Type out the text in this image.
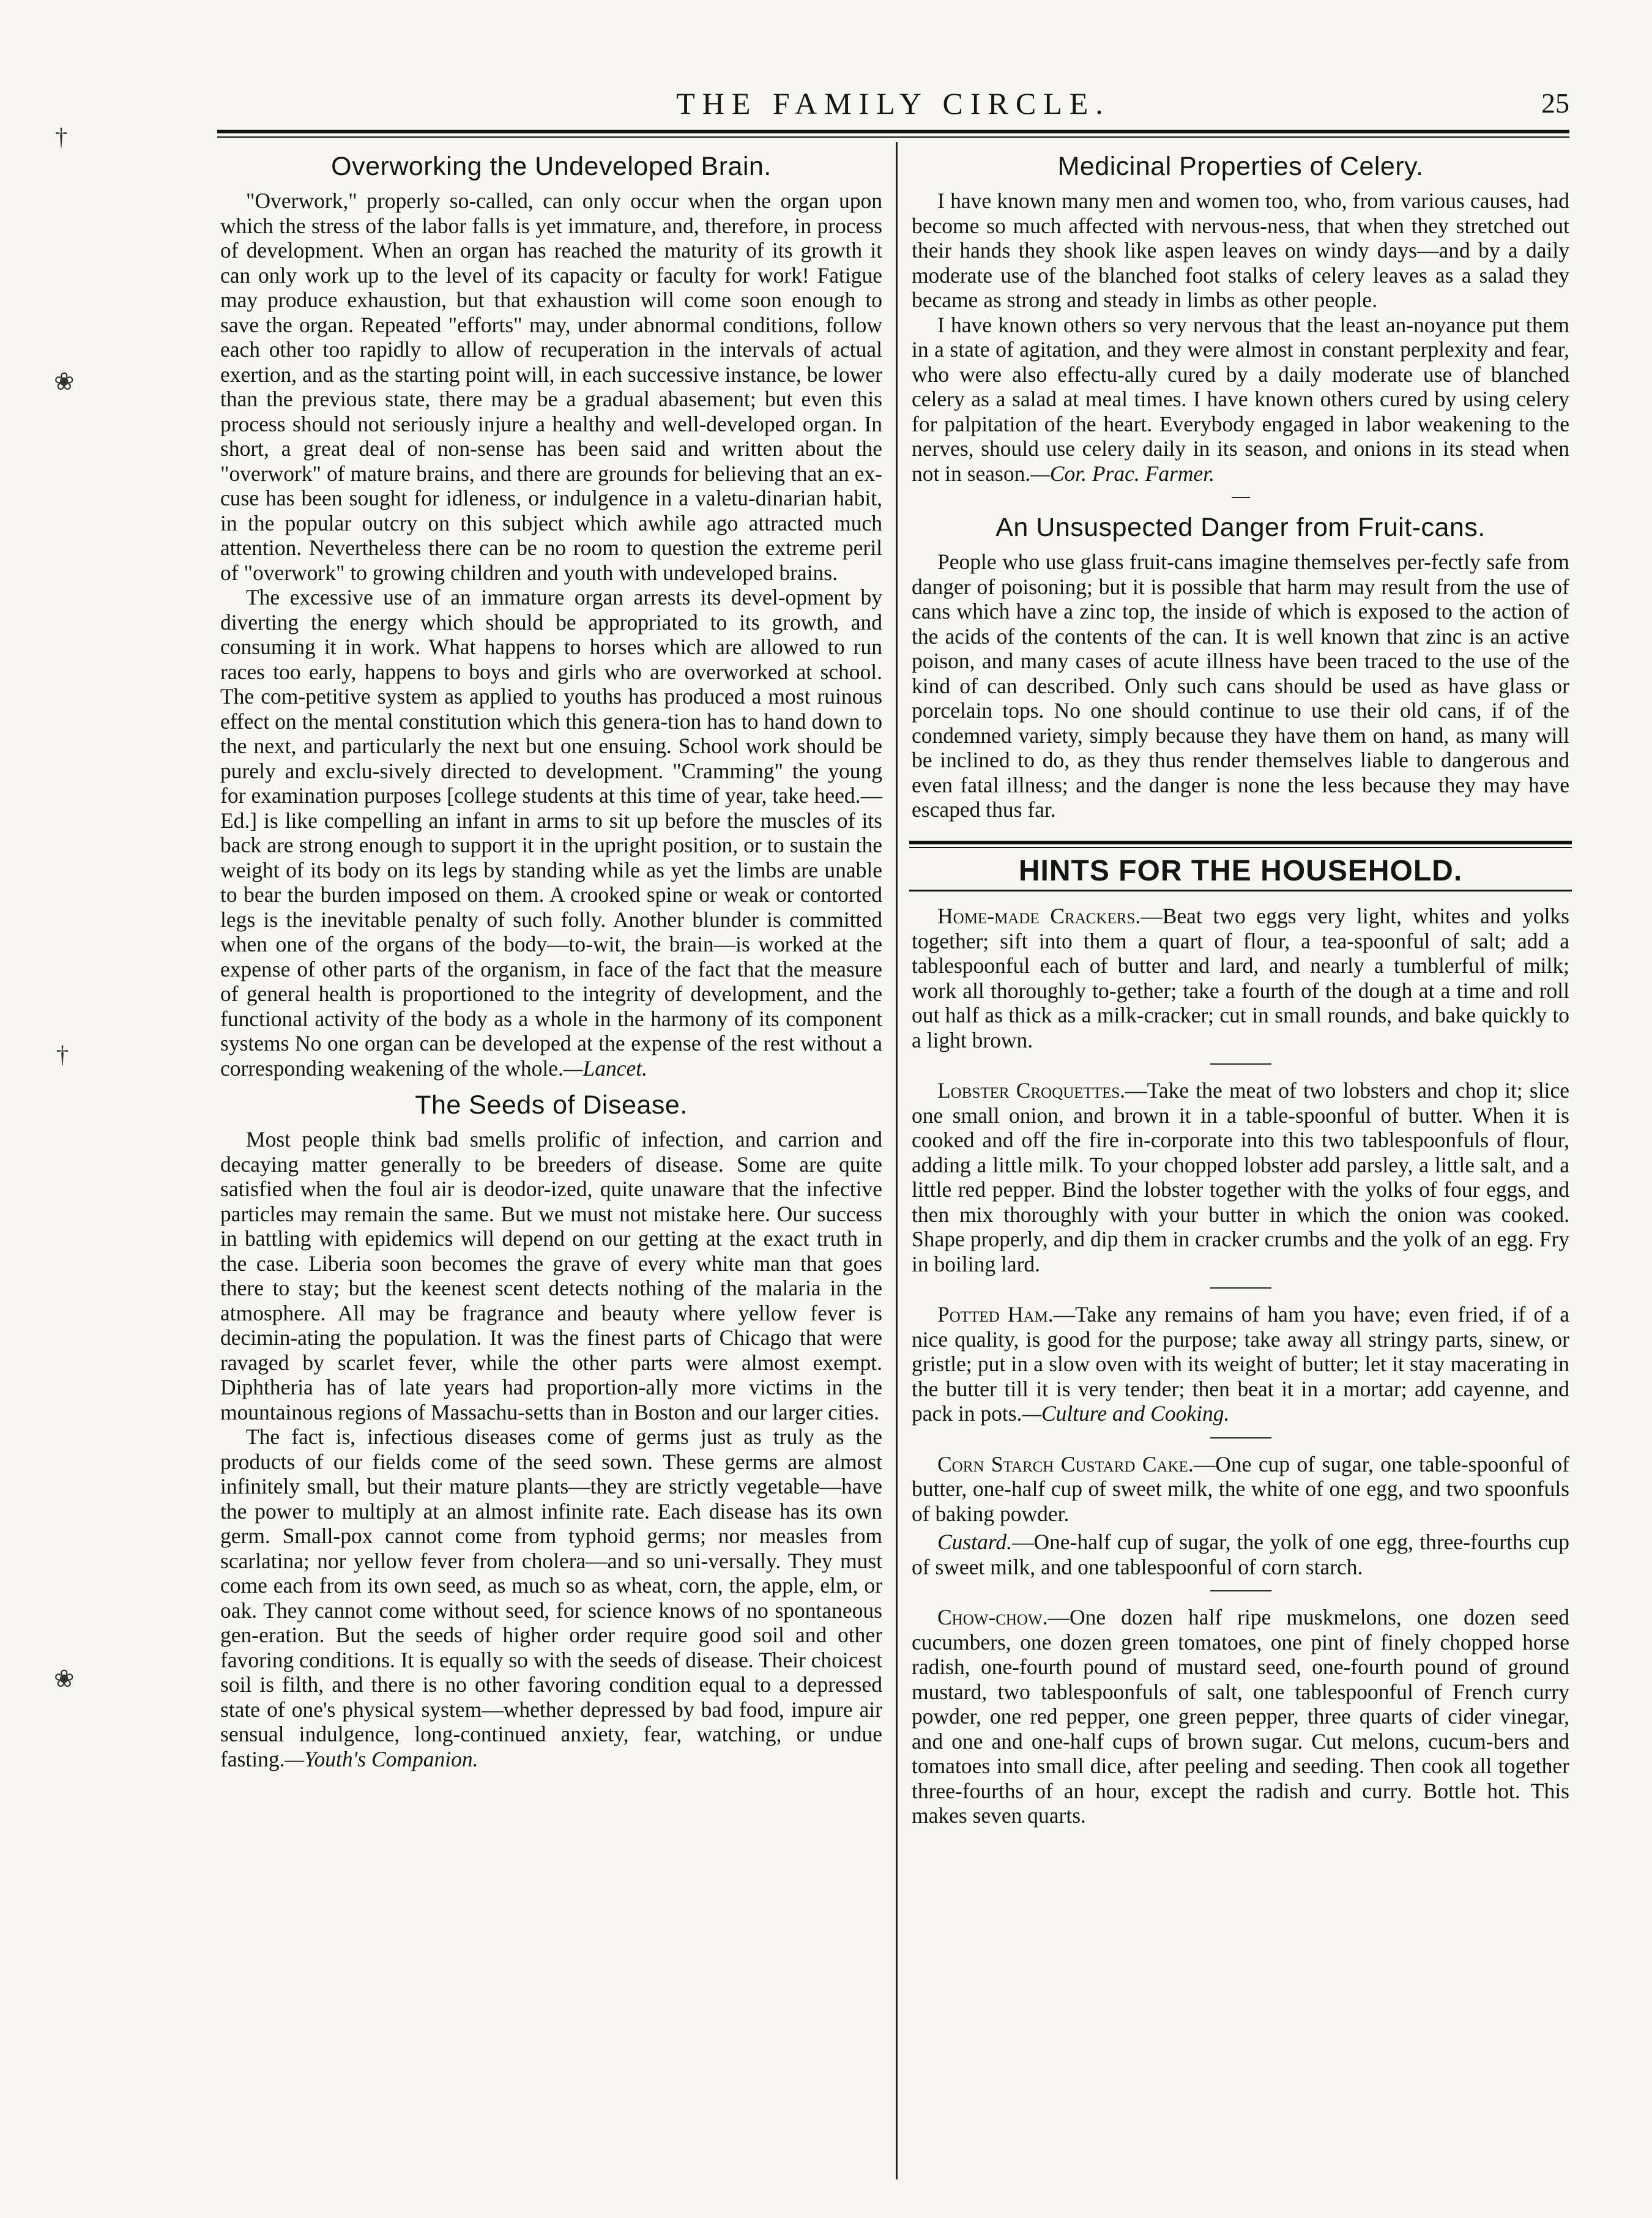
THE FAMILY CIRCLE.	25
Overworking the Undeveloped Brain.

"Overwork," properly so-called, can only occur when the organ upon which the stress of the labor falls is yet immature, and, therefore, in process of development. When an organ has reached the maturity of its growth it can only work up to the level of its capacity or faculty for work! Fatigue may produce exhaustion, but that exhaustion will come soon enough to save the organ. Repeated "efforts" may, under abnormal conditions, follow each other too rapidly to allow of recuperation in the intervals of actual exertion, and as the starting point will, in each successive instance, be lower than the previous state, there may be a gradual abasement; but even this process should not seriously injure a healthy and well-developed organ. In short, a great deal of non-sense has been said and written about the "overwork" of mature brains, and there are grounds for believing that an ex-cuse has been sought for idleness, or indulgence in a valetu-dinarian habit, in the popular outcry on this subject which awhile ago attracted much attention. Nevertheless there can be no room to question the extreme peril of "overwork" to growing children and youth with undeveloped brains.

The excessive use of an immature organ arrests its devel-opment by diverting the energy which should be appropriated to its growth, and consuming it in work. What happens to horses which are allowed to run races too early, happens to boys and girls who are overworked at school. The com-petitive system as applied to youths has produced a most ruinous effect on the mental constitution which this genera-tion has to hand down to the next, and particularly the next but one ensuing. School work should be purely and exclu-sively directed to development. "Cramming" the young for examination purposes [college students at this time of year, take heed.—Ed.] is like compelling an infant in arms to sit up before the muscles of its back are strong enough to support it in the upright position, or to sustain the weight of its body on its legs by standing while as yet the limbs are unable to bear the burden imposed on them. A crooked spine or weak or contorted legs is the inevitable penalty of such folly. Another blunder is committed when one of the organs of the body—to-wit, the brain—is worked at the expense of other parts of the organism, in face of the fact that the measure of general health is proportioned to the integrity of development, and the functional activity of the body as a whole in the harmony of its component systems No one organ can be developed at the expense of the rest without a corresponding weakening of the whole.—Lancet.

The Seeds of Disease.

Most people think bad smells prolific of infection, and carrion and decaying matter generally to be breeders of disease. Some are quite satisfied when the foul air is deodor-ized, quite unaware that the infective particles may remain the same. But we must not mistake here. Our success in battling with epidemics will depend on our getting at the exact truth in the case. Liberia soon becomes the grave of every white man that goes there to stay; but the keenest scent detects nothing of the malaria in the atmosphere. All may be fragrance and beauty where yellow fever is decimin-ating the population. It was the finest parts of Chicago that were ravaged by scarlet fever, while the other parts were almost exempt. Diphtheria has of late years had proportion-ally more victims in the mountainous regions of Massachu-setts than in Boston and our larger cities.

The fact is, infectious diseases come of germs just as truly as the products of our fields come of the seed sown. These germs are almost infinitely small, but their mature plants—they are strictly vegetable—have the power to multiply at an almost infinite rate. Each disease has its own germ. Small-pox cannot come from typhoid germs; nor measles from scarlatina; nor yellow fever from cholera—and so uni-versally. They must come each from its own seed, as much so as wheat, corn, the apple, elm, or oak. They cannot come without seed, for science knows of no spontaneous gen-eration. But the seeds of higher order require good soil and other favoring conditions. It is equally so with the seeds of disease. Their choicest soil is filth, and there is no other favoring condition equal to a depressed state of one's physical system—whether depressed by bad food, impure air sensual indulgence, long-continued anxiety, fear, watching, or undue fasting.—Youth's Companion.

Medicinal Properties of Celery.

I have known many men and women too, who, from various causes, had become so much affected with nervous-ness, that when they stretched out their hands they shook like aspen leaves on windy days—and by a daily moderate use of the blanched foot stalks of celery leaves as a salad they became as strong and steady in limbs as other people.

I have known others so very nervous that the least an-noyance put them in a state of agitation, and they were almost in constant perplexity and fear, who were also effectu-ally cured by a daily moderate use of blanched celery as a salad at meal times. I have known others cured by using celery for palpitation of the heart. Everybody engaged in labor weakening to the nerves, should use celery daily in its season, and onions in its stead when not in season.—Cor. Prac. Farmer.

An Unsuspected Danger from Fruit-cans.

People who use glass fruit-cans imagine themselves per-fectly safe from danger of poisoning; but it is possible that harm may result from the use of cans which have a zinc top, the inside of which is exposed to the action of the acids of the contents of the can. It is well known that zinc is an active poison, and many cases of acute illness have been traced to the use of the kind of can described. Only such cans should be used as have glass or porcelain tops. No one should continue to use their old cans, if of the condemned variety, simply because they have them on hand, as many will be inclined to do, as they thus render themselves liable to dangerous and even fatal illness; and the danger is none the less because they may have escaped thus far.

HINTS FOR THE HOUSEHOLD.

Home-made Crackers.—Beat two eggs very light, whites and yolks together; sift into them a quart of flour, a tea-spoonful of salt; add a tablespoonful each of butter and lard, and nearly a tumblerful of milk; work all thoroughly to-gether; take a fourth of the dough at a time and roll out half as thick as a milk-cracker; cut in small rounds, and bake quickly to a light brown.

Lobster Croquettes.—Take the meat of two lobsters and chop it; slice one small onion, and brown it in a table-spoonful of butter. When it is cooked and off the fire in-corporate into this two tablespoonfuls of flour, adding a little milk. To your chopped lobster add parsley, a little salt, and a little red pepper. Bind the lobster together with the yolks of four eggs, and then mix thoroughly with your butter in which the onion was cooked. Shape properly, and dip them in cracker crumbs and the yolk of an egg. Fry in boiling lard.

Potted Ham.—Take any remains of ham you have; even fried, if of a nice quality, is good for the purpose; take away all stringy parts, sinew, or gristle; put in a slow oven with its weight of butter; let it stay macerating in the butter till it is very tender; then beat it in a mortar; add cayenne, and pack in pots.—Culture and Cooking.

Corn Starch Custard Cake.—One cup of sugar, one table-spoonful of butter, one-half cup of sweet milk, the white of one egg, and two spoonfuls of baking powder.

Custard.—One-half cup of sugar, the yolk of one egg, three-fourths cup of sweet milk, and one tablespoonful of corn starch.

Chow-chow.—One dozen half ripe muskmelons, one dozen seed cucumbers, one dozen green tomatoes, one pint of finely chopped horse radish, one-fourth pound of mustard seed, one-fourth pound of ground mustard, two tablespoonfuls of salt, one tablespoonful of French curry powder, one red pepper, one green pepper, three quarts of cider vinegar, and one and one-half cups of brown sugar. Cut melons, cucum-bers and tomatoes into small dice, after peeling and seeding. Then cook all together three-fourths of an hour, except the radish and curry. Bottle hot. This makes seven quarts.

†
❀
†
❀
